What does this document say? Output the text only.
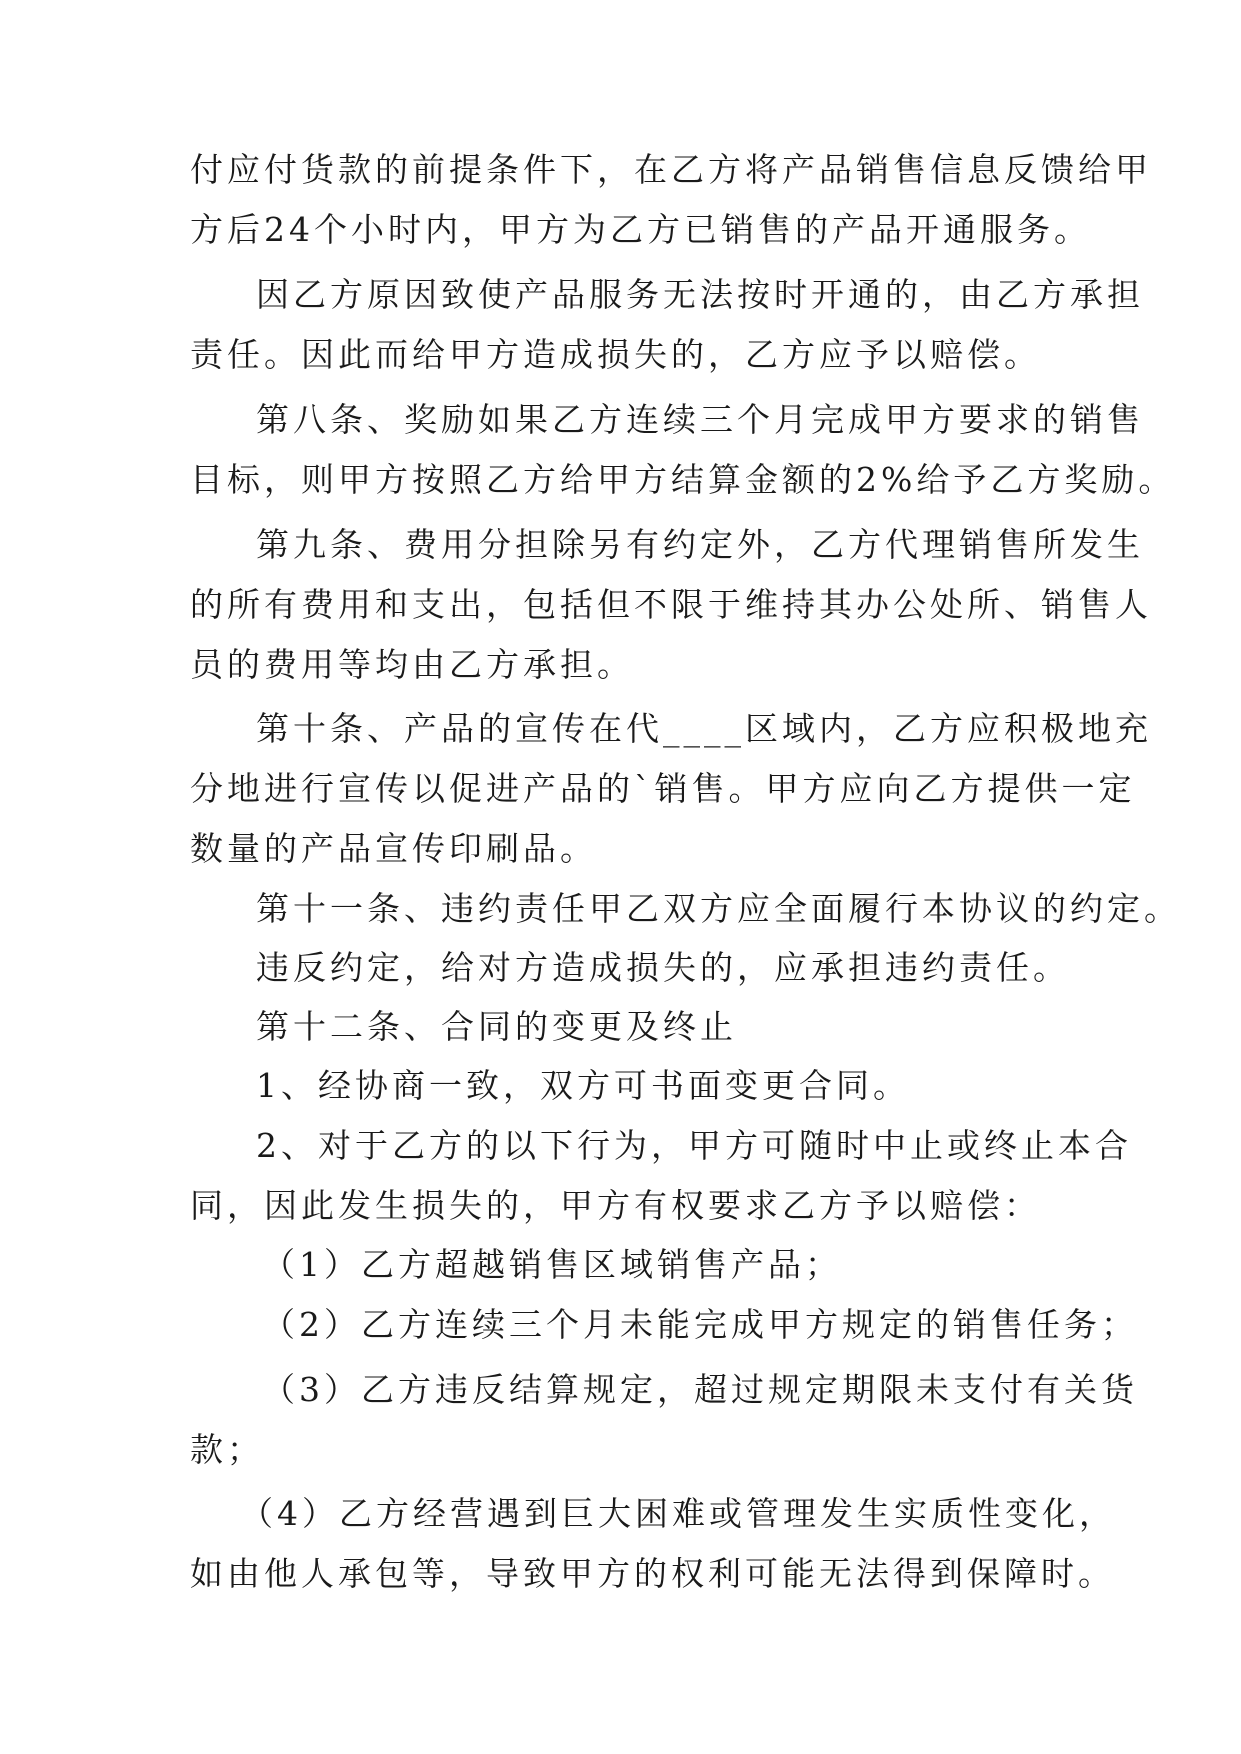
付应付货款的前提条件下，在乙方将产品销售信息反馈给甲
方后24个小时内，甲方为乙方已销售的产品开通服务。
因乙方原因致使产品服务无法按时开通的，由乙方承担
责任。因此而给甲方造成损失的，乙方应予以赔偿。
第八条、奖励如果乙方连续三个月完成甲方要求的销售
目标，则甲方按照乙方给甲方结算金额的2%给予乙方奖励。
第九条、费用分担除另有约定外，乙方代理销售所发生
的所有费用和支出，包括但不限于维持其办公处所、销售人
员的费用等均由乙方承担。
第十条、产品的宣传在代____区域内，乙方应积极地充
分地进行宣传以促进产品的`销售。甲方应向乙方提供一定
数量的产品宣传印刷品。
第十一条、违约责任甲乙双方应全面履行本协议的约定。
违反约定，给对方造成损失的，应承担违约责任。
第十二条、合同的变更及终止
1、经协商一致，双方可书面变更合同。
2、对于乙方的以下行为，甲方可随时中止或终止本合
同，因此发生损失的，甲方有权要求乙方予以赔偿：
（1）乙方超越销售区域销售产品；
（2）乙方连续三个月未能完成甲方规定的销售任务；
（3）乙方违反结算规定，超过规定期限未支付有关货
款；
（4）乙方经营遇到巨大困难或管理发生实质性变化，
如由他人承包等，导致甲方的权利可能无法得到保障时。
